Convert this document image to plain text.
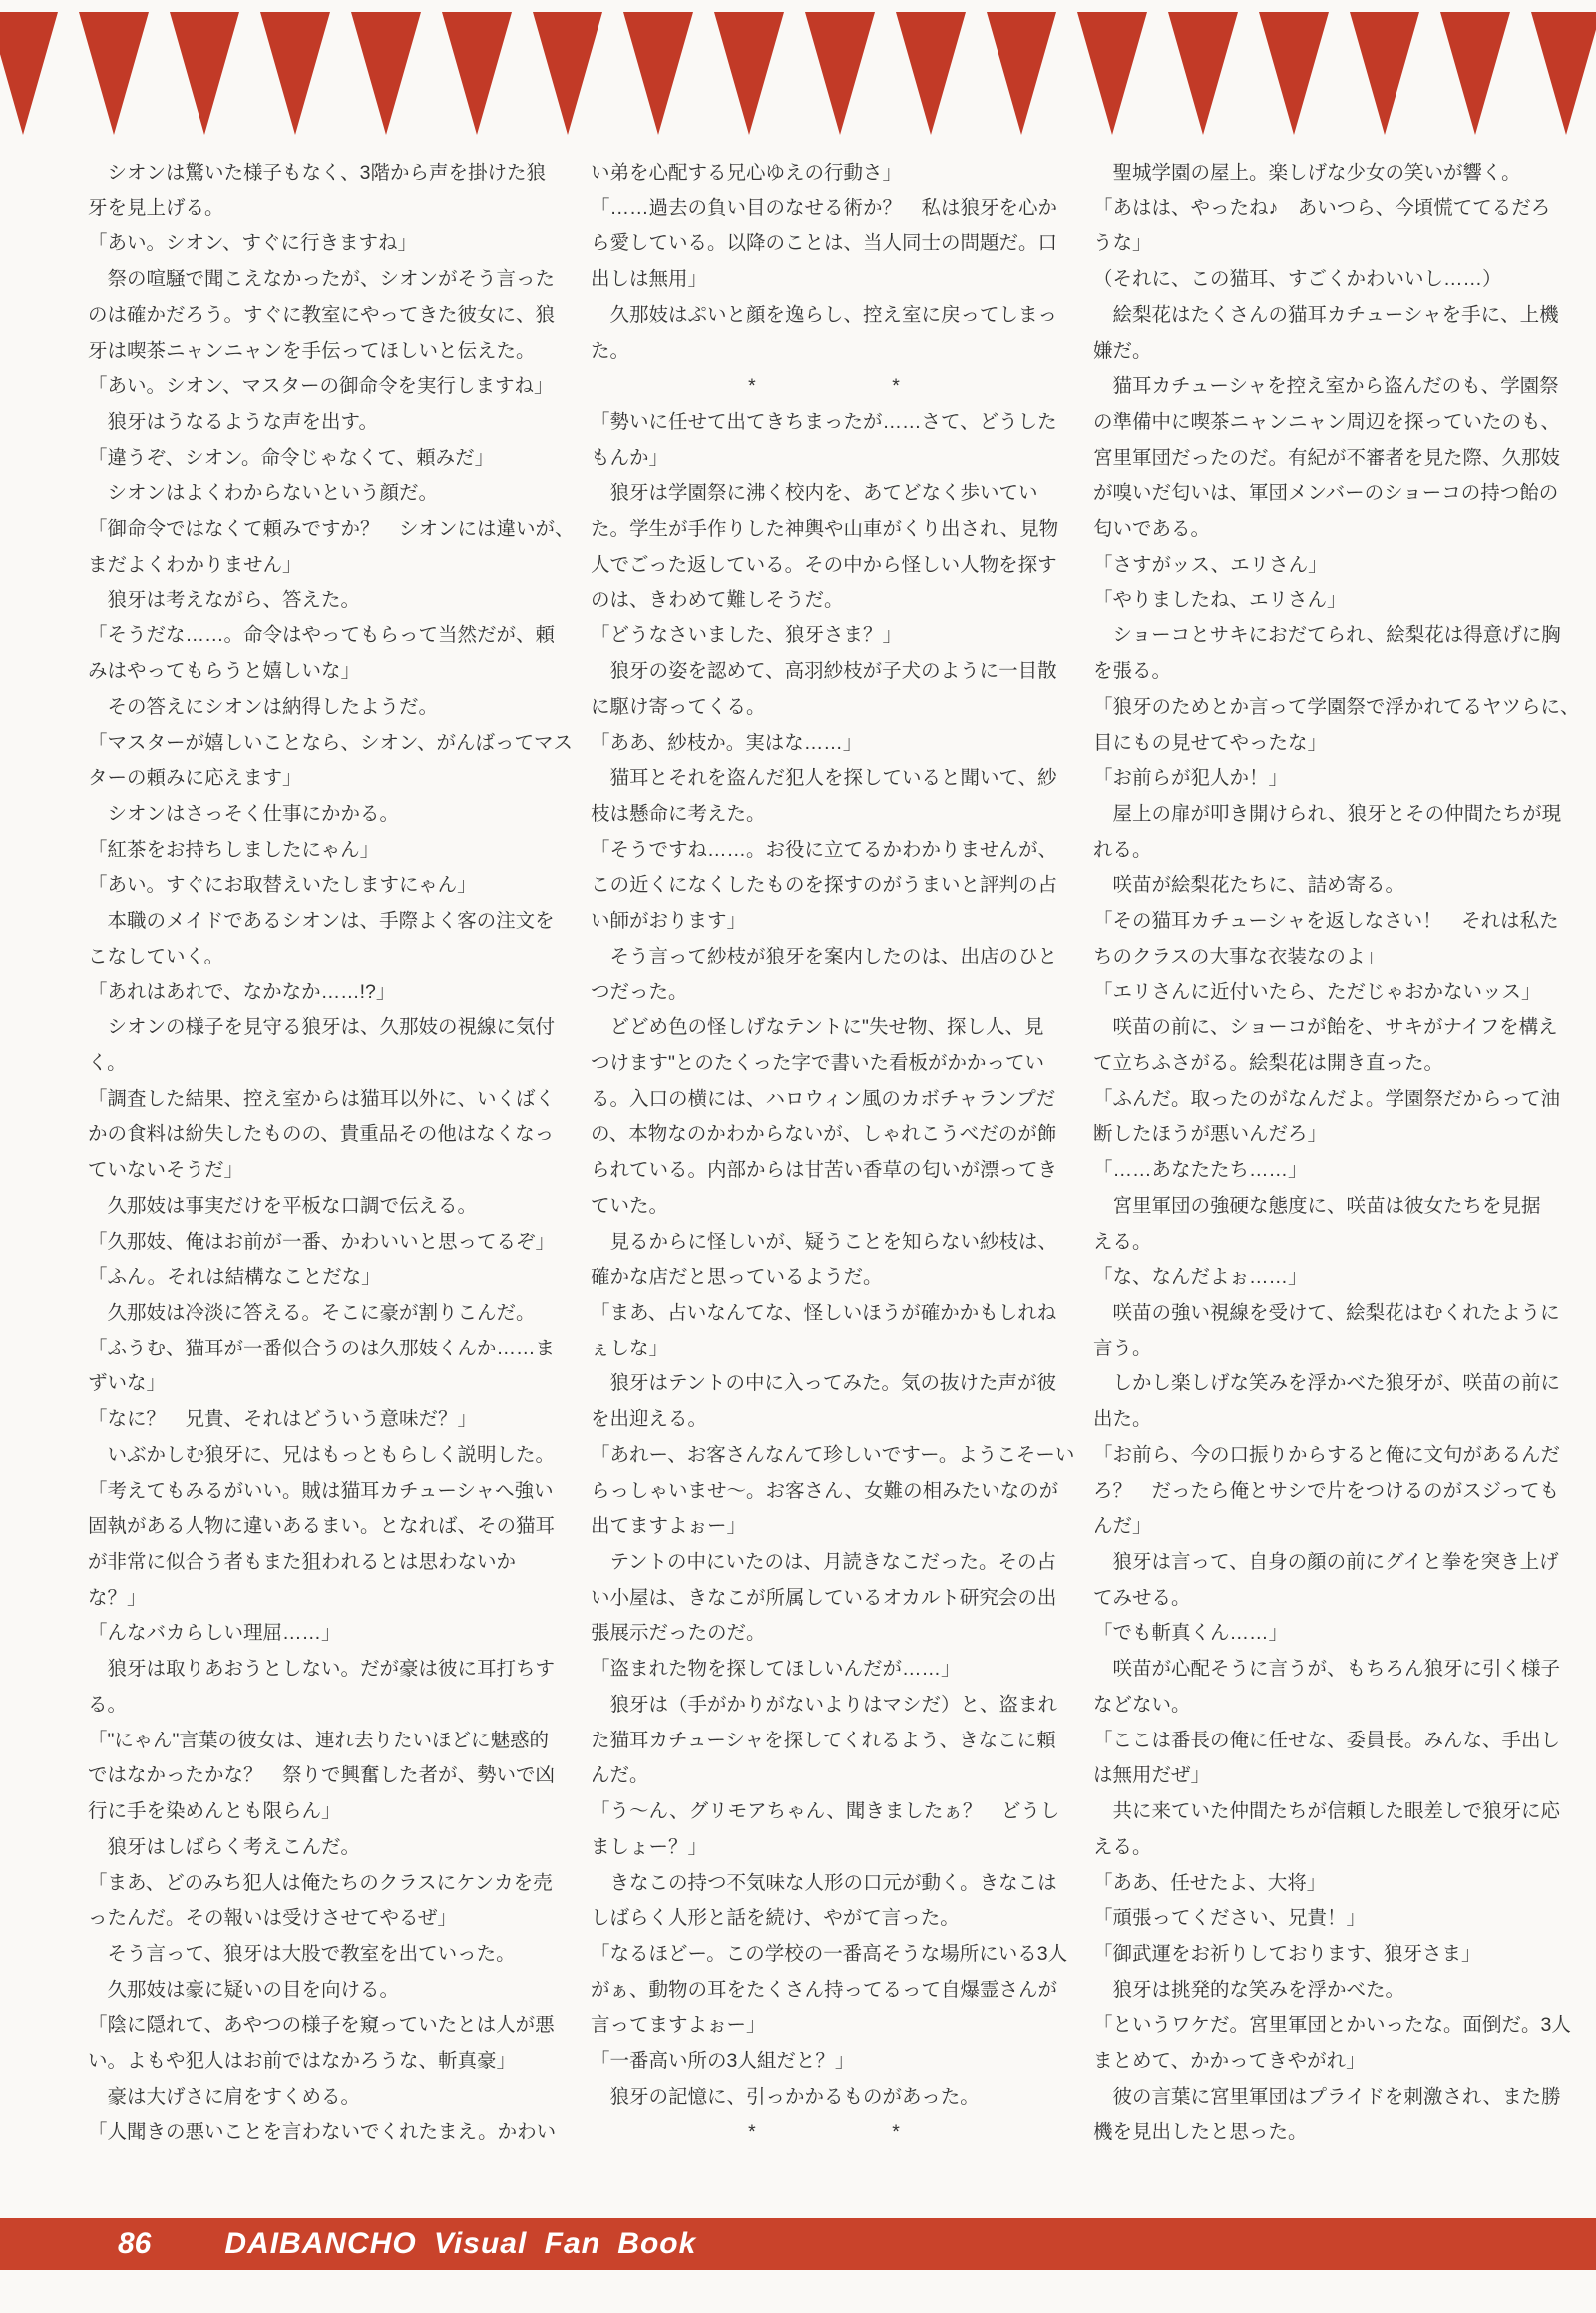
　シオンは驚いた様子もなく、3階から声を掛けた狼
牙を見上げる。
「あい。シオン、すぐに行きますね」
　祭の喧騒で聞こえなかったが、シオンがそう言った
のは確かだろう。すぐに教室にやってきた彼女に、狼
牙は喫茶ニャンニャンを手伝ってほしいと伝えた。
「あい。シオン、マスターの御命令を実行しますね」
　狼牙はうなるような声を出す。
「違うぞ、シオン。命令じゃなくて、頼みだ」
　シオンはよくわからないという顔だ。
「御命令ではなくて頼みですか？　シオンには違いが、
まだよくわかりません」
　狼牙は考えながら、答えた。
「そうだな……。命令はやってもらって当然だが、頼
みはやってもらうと嬉しいな」
　その答えにシオンは納得したようだ。
「マスターが嬉しいことなら、シオン、がんばってマス
ターの頼みに応えます」
　シオンはさっそく仕事にかかる。
「紅茶をお持ちしましたにゃん」
「あい。すぐにお取替えいたしますにゃん」
　本職のメイドであるシオンは、手際よく客の注文を
こなしていく。
「あれはあれで、なかなか……!?」
　シオンの様子を見守る狼牙は、久那妓の視線に気付
く。
「調査した結果、控え室からは猫耳以外に、いくばく
かの食料は紛失したものの、貴重品その他はなくなっ
ていないそうだ」
　久那妓は事実だけを平板な口調で伝える。
「久那妓、俺はお前が一番、かわいいと思ってるぞ」
「ふん。それは結構なことだな」
　久那妓は冷淡に答える。そこに豪が割りこんだ。
「ふうむ、猫耳が一番似合うのは久那妓くんか……ま
ずいな」
「なに？　兄貴、それはどういう意味だ？」
　いぶかしむ狼牙に、兄はもっともらしく説明した。
「考えてもみるがいい。賊は猫耳カチューシャへ強い
固執がある人物に違いあるまい。となれば、その猫耳
が非常に似合う者もまた狙われるとは思わないか
な？」
「んなバカらしい理屈……」
　狼牙は取りあおうとしない。だが豪は彼に耳打ちす
る。
「"にゃん"言葉の彼女は、連れ去りたいほどに魅惑的
ではなかったかな？　祭りで興奮した者が、勢いで凶
行に手を染めんとも限らん」
　狼牙はしばらく考えこんだ。
「まあ、どのみち犯人は俺たちのクラスにケンカを売
ったんだ。その報いは受けさせてやるぜ」
　そう言って、狼牙は大股で教室を出ていった。
　久那妓は豪に疑いの目を向ける。
「陰に隠れて、あやつの様子を窺っていたとは人が悪
い。よもや犯人はお前ではなかろうな、斬真豪」
　豪は大げさに肩をすくめる。
「人聞きの悪いことを言わないでくれたまえ。かわい
い弟を心配する兄心ゆえの行動さ」
「……過去の負い目のなせる術か？　私は狼牙を心か
ら愛している。以降のことは、当人同士の問題だ。口
出しは無用」
　久那妓はぷいと顔を逸らし、控え室に戻ってしまっ
た。
*　　　　　　　*
「勢いに任せて出てきちまったが……さて、どうした
もんか」
　狼牙は学園祭に沸く校内を、あてどなく歩いてい
た。学生が手作りした神輿や山車がくり出され、見物
人でごった返している。その中から怪しい人物を探す
のは、きわめて難しそうだ。
「どうなさいました、狼牙さま？」
　狼牙の姿を認めて、高羽紗枝が子犬のように一目散
に駆け寄ってくる。
「ああ、紗枝か。実はな……」
　猫耳とそれを盗んだ犯人を探していると聞いて、紗
枝は懸命に考えた。
「そうですね……。お役に立てるかわかりませんが、
この近くになくしたものを探すのがうまいと評判の占
い師がおります」
　そう言って紗枝が狼牙を案内したのは、出店のひと
つだった。
　どどめ色の怪しげなテントに"失せ物、探し人、見
つけます"とのたくった字で書いた看板がかかってい
る。入口の横には、ハロウィン風のカボチャランプだ
の、本物なのかわからないが、しゃれこうべだのが飾
られている。内部からは甘苦い香草の匂いが漂ってき
ていた。
　見るからに怪しいが、疑うことを知らない紗枝は、
確かな店だと思っているようだ。
「まあ、占いなんてな、怪しいほうが確かかもしれね
ぇしな」
　狼牙はテントの中に入ってみた。気の抜けた声が彼
を出迎える。
「あれー、お客さんなんて珍しいですー。ようこそーい
らっしゃいませ～。お客さん、女難の相みたいなのが
出てますよぉー」
　テントの中にいたのは、月読きなこだった。その占
い小屋は、きなこが所属しているオカルト研究会の出
張展示だったのだ。
「盗まれた物を探してほしいんだが……」
　狼牙は（手がかりがないよりはマシだ）と、盗まれ
た猫耳カチューシャを探してくれるよう、きなこに頼
んだ。
「う～ん、グリモアちゃん、聞きましたぁ？　どうし
ましょー？」
　きなこの持つ不気味な人形の口元が動く。きなこは
しばらく人形と話を続け、やがて言った。
「なるほどー。この学校の一番高そうな場所にいる3人
がぁ、動物の耳をたくさん持ってるって自爆霊さんが
言ってますよぉー」
「一番高い所の3人組だと？」
　狼牙の記憶に、引っかかるものがあった。
*　　　　　　　*
　聖城学園の屋上。楽しげな少女の笑いが響く。
「あはは、やったね♪　あいつら、今頃慌ててるだろ
うな」
（それに、この猫耳、すごくかわいいし……）
　絵梨花はたくさんの猫耳カチューシャを手に、上機
嫌だ。
　猫耳カチューシャを控え室から盗んだのも、学園祭
の準備中に喫茶ニャンニャン周辺を探っていたのも、
宮里軍団だったのだ。有紀が不審者を見た際、久那妓
が嗅いだ匂いは、軍団メンバーのショーコの持つ飴の
匂いである。
「さすがッス、エリさん」
「やりましたね、エリさん」
　ショーコとサキにおだてられ、絵梨花は得意げに胸
を張る。
「狼牙のためとか言って学園祭で浮かれてるヤツらに、
目にもの見せてやったな」
「お前らが犯人か！」
　屋上の扉が叩き開けられ、狼牙とその仲間たちが現
れる。
　咲苗が絵梨花たちに、詰め寄る。
「その猫耳カチューシャを返しなさい！　それは私た
ちのクラスの大事な衣装なのよ」
「エリさんに近付いたら、ただじゃおかないッス」
　咲苗の前に、ショーコが飴を、サキがナイフを構え
て立ちふさがる。絵梨花は開き直った。
「ふんだ。取ったのがなんだよ。学園祭だからって油
断したほうが悪いんだろ」
「……あなたたち……」
　宮里軍団の強硬な態度に、咲苗は彼女たちを見据
える。
「な、なんだよぉ……」
　咲苗の強い視線を受けて、絵梨花はむくれたように
言う。
　しかし楽しげな笑みを浮かべた狼牙が、咲苗の前に
出た。
「お前ら、今の口振りからすると俺に文句があるんだ
ろ？　だったら俺とサシで片をつけるのがスジっても
んだ」
　狼牙は言って、自身の顔の前にグイと拳を突き上げ
てみせる。
「でも斬真くん……」
　咲苗が心配そうに言うが、もちろん狼牙に引く様子
などない。
「ここは番長の俺に任せな、委員長。みんな、手出し
は無用だぜ」
　共に来ていた仲間たちが信頼した眼差しで狼牙に応
える。
「ああ、任せたよ、大将」
「頑張ってください、兄貴！」
「御武運をお祈りしております、狼牙さま」
　狼牙は挑発的な笑みを浮かべた。
「というワケだ。宮里軍団とかいったな。面倒だ。3人
まとめて、かかってきやがれ」
　彼の言葉に宮里軍団はプライドを刺激され、また勝
機を見出したと思った。
86 DAIBANCHO Visual Fan Book
